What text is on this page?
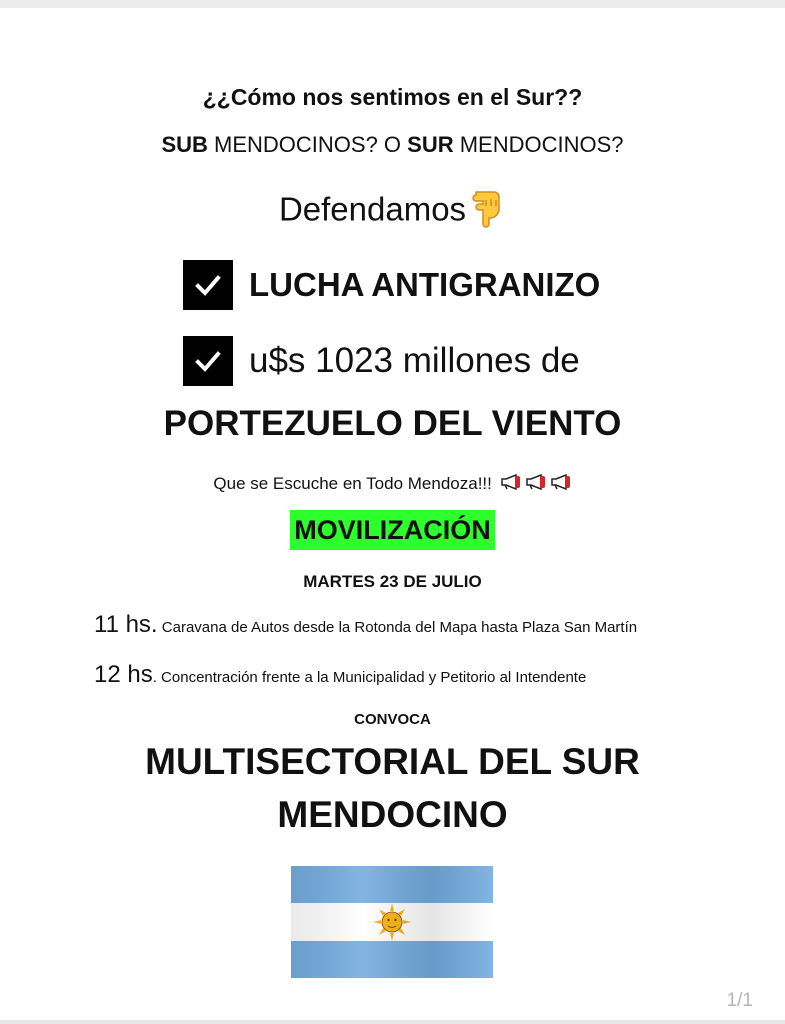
¿¿Cómo nos sentimos en el Sur??
SUB MENDOCINOS? O SUR MENDOCINOS?
Defendamos
LUCHA ANTIGRANIZO
u$s 1023 millones de
PORTEZUELO DEL VIENTO
Que se Escuche en Todo Mendoza!!!
MOVILIZACIÓN
MARTES 23 DE JULIO
11 hs. Caravana de Autos desde la Rotonda del Mapa hasta Plaza San Martín
12 hs. Concentración frente a la Municipalidad y Petitorio al Intendente
CONVOCA
MULTISECTORIAL DEL SUR MENDOCINO
1/1
